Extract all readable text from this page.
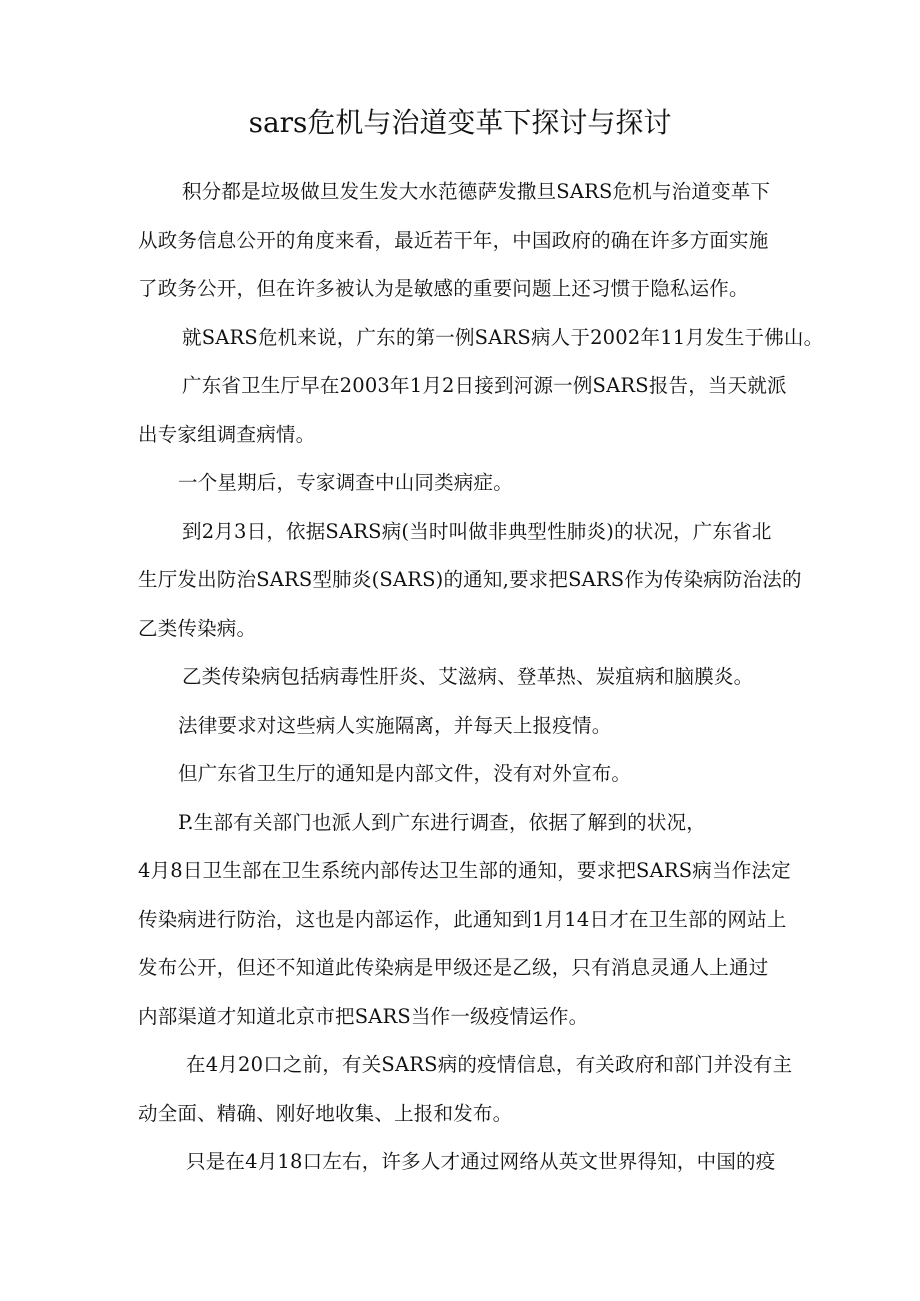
sars危机与治道变革下探讨与探讨
积分都是垃圾做旦发生发大水范德萨发撒旦SARS危机与治道变革下
从政务信息公开的角度来看，最近若干年，中国政府的确在许多方面实施
了政务公开，但在许多被认为是敏感的重要问题上还习惯于隐私运作。
就SARS危机来说，广东的第一例SARS病人于2002年11月发生于佛山。
广东省卫生厅早在2003年1月2日接到河源一例SARS报告，当天就派
出专家组调查病情。
一个星期后，专家调查中山同类病症。
到2月3日，依据SARS病(当时叫做非典型性肺炎)的状况，广东省北
生厅发出防治SARS型肺炎(SARS)的通知,要求把SARS作为传染病防治法的
乙类传染病。
乙类传染病包括病毒性肝炎、艾滋病、登革热、炭疽病和脑膜炎。
法律要求对这些病人实施隔离，并每天上报疫情。
但广东省卫生厅的通知是内部文件，没有对外宣布。
P.生部有关部门也派人到广东进行调查，依据了解到的状况，
4月8日卫生部在卫生系统内部传达卫生部的通知，要求把SARS病当作法定
传染病进行防治，这也是内部运作，此通知到1月14日才在卫生部的网站上
发布公开，但还不知道此传染病是甲级还是乙级，只有消息灵通人上通过
内部渠道才知道北京市把SARS当作一级疫情运作。
在4月20口之前，有关SARS病的疫情信息，有关政府和部门并没有主
动全面、精确、刚好地收集、上报和发布。
只是在4月18口左右，许多人才通过网络从英文世界得知，中国的疫
